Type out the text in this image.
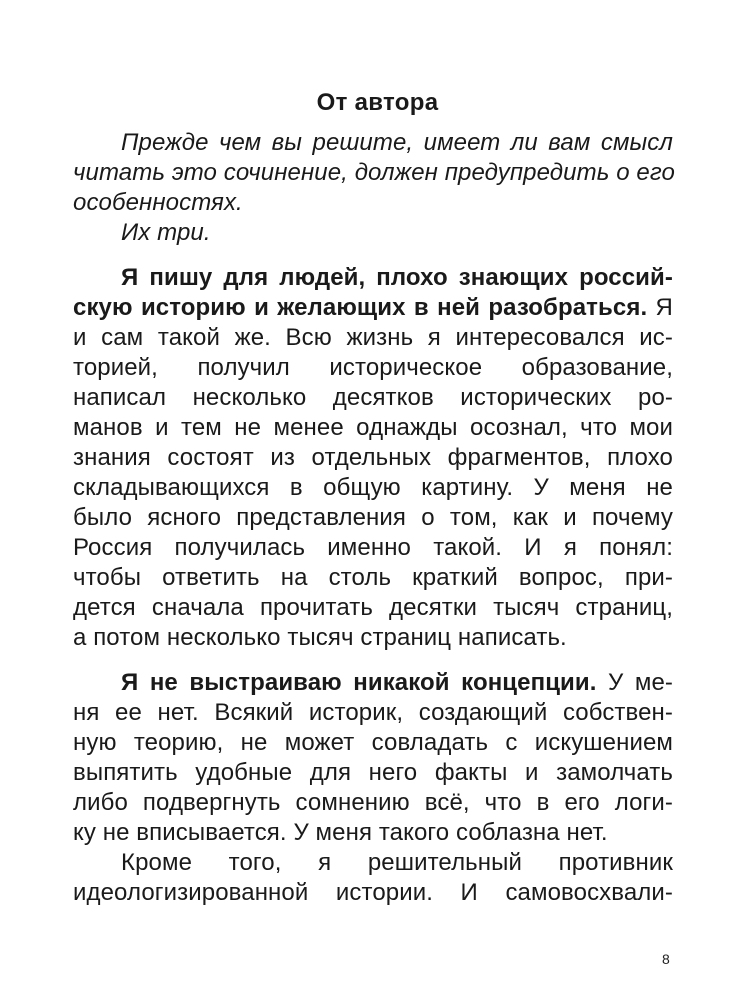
От автора
Прежде чем вы решите, имеет ли вам смысл
читать это сочинение, должен предупредить о его
особенностях.
Их три.
Я пишу для людей, плохо знающих россий-
скую историю и желающих в ней разобраться. Я
и сам такой же. Всю жизнь я интересовался ис-
торией, получил историческое образование,
написал несколько десятков исторических ро-
манов и тем не менее однажды осознал, что мои
знания состоят из отдельных фрагментов, плохо
складывающихся в общую картину. У меня не
было ясного представления о том, как и почему
Россия получилась именно такой. И я понял:
чтобы ответить на столь краткий вопрос, при-
дется сначала прочитать десятки тысяч страниц,
а потом несколько тысяч страниц написать.
Я не выстраиваю никакой концепции. У ме-
ня ее нет. Всякий историк, создающий собствен-
ную теорию, не может совладать с искушением
выпятить удобные для него факты и замолчать
либо подвергнуть сомнению всё, что в его логи-
ку не вписывается. У меня такого соблазна нет.
Кроме того, я решительный противник
идеологизированной истории. И самовосхвали-
8
